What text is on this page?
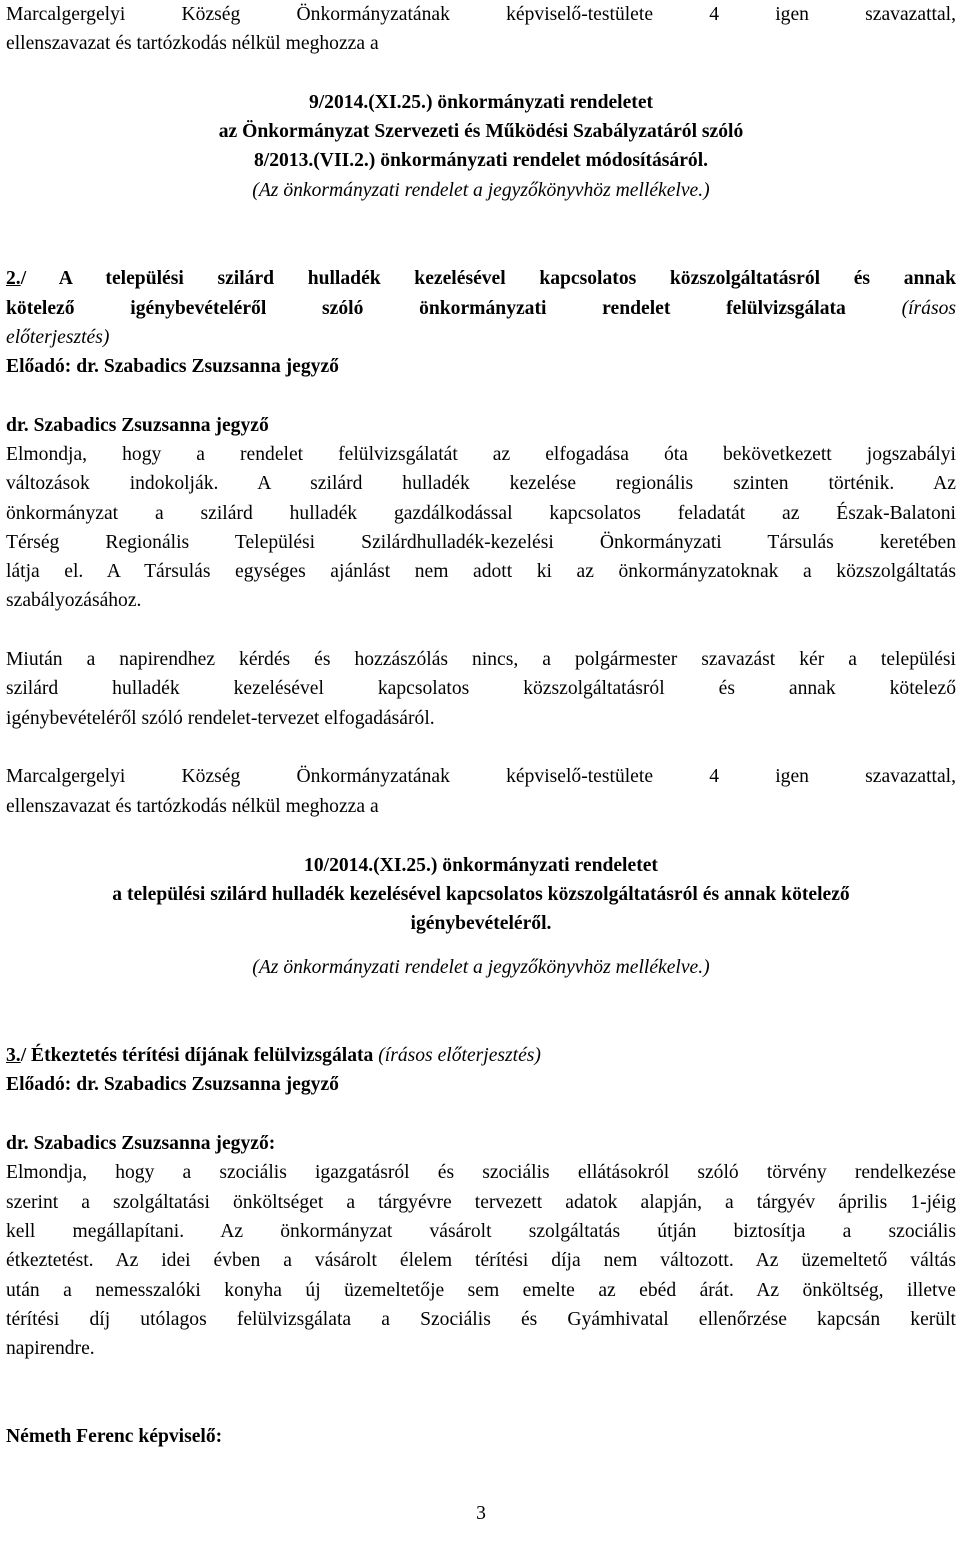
Marcalgergelyi Község Önkormányzatának képviselő-testülete 4 igen szavazattal,
ellenszavazat és tartózkodás nélkül meghozza a
9/2014.(XI.25.) önkormányzati rendeletet
az Önkormányzat Szervezeti és Működési Szabályzatáról szóló
8/2013.(VII.2.) önkormányzati rendelet módosításáról.
(Az önkormányzati rendelet a jegyzőkönyvhöz mellékelve.)
2./ A települési szilárd hulladék kezelésével kapcsolatos közszolgáltatásról és annak
kötelező igénybevételéről szóló önkormányzati rendelet felülvizsgálata	(írásos
előterjesztés)
Előadó: dr. Szabadics Zsuzsanna jegyző
dr. Szabadics Zsuzsanna jegyző
Elmondja, hogy a rendelet felülvizsgálatát az elfogadása óta bekövetkezett jogszabályi
változások indokolják. A szilárd hulladék kezelése regionális szinten történik. Az
önkormányzat a szilárd hulladék gazdálkodással kapcsolatos feladatát az Észak-Balatoni
Térség Regionális Települési Szilárdhulladék-kezelési Önkormányzati Társulás keretében
látja el. A Társulás egységes ajánlást nem adott ki az önkormányzatoknak a közszolgáltatás
szabályozásához.
Miután a napirendhez kérdés és hozzászólás nincs, a polgármester szavazást kér a települési
szilárd hulladék kezelésével kapcsolatos közszolgáltatásról és annak kötelező
igénybevételéről szóló rendelet-tervezet elfogadásáról.
Marcalgergelyi Község Önkormányzatának képviselő-testülete 4 igen szavazattal,
ellenszavazat és tartózkodás nélkül meghozza a
10/2014.(XI.25.) önkormányzati rendeletet
a települési szilárd hulladék kezelésével kapcsolatos közszolgáltatásról és annak kötelező
igénybevételéről.
(Az önkormányzati rendelet a jegyzőkönyvhöz mellékelve.)
3./ Étkeztetés térítési díjának felülvizsgálata (írásos előterjesztés)
Előadó: dr. Szabadics Zsuzsanna jegyző
dr. Szabadics Zsuzsanna jegyző:
Elmondja, hogy a szociális igazgatásról és szociális ellátásokról szóló törvény rendelkezése
szerint a szolgáltatási önköltséget a tárgyévre tervezett adatok alapján, a tárgyév április 1-jéig
kell megállapítani. Az önkormányzat vásárolt szolgáltatás útján biztosítja a szociális
étkeztetést. Az idei évben a vásárolt élelem térítési díja nem változott. Az üzemeltető váltás
után a nemesszalóki konyha új üzemeltetője sem emelte az ebéd árát. Az önköltség, illetve
térítési díj utólagos felülvizsgálata a Szociális és Gyámhivatal ellenőrzése kapcsán került
napirendre.
Németh Ferenc képviselő:
3
